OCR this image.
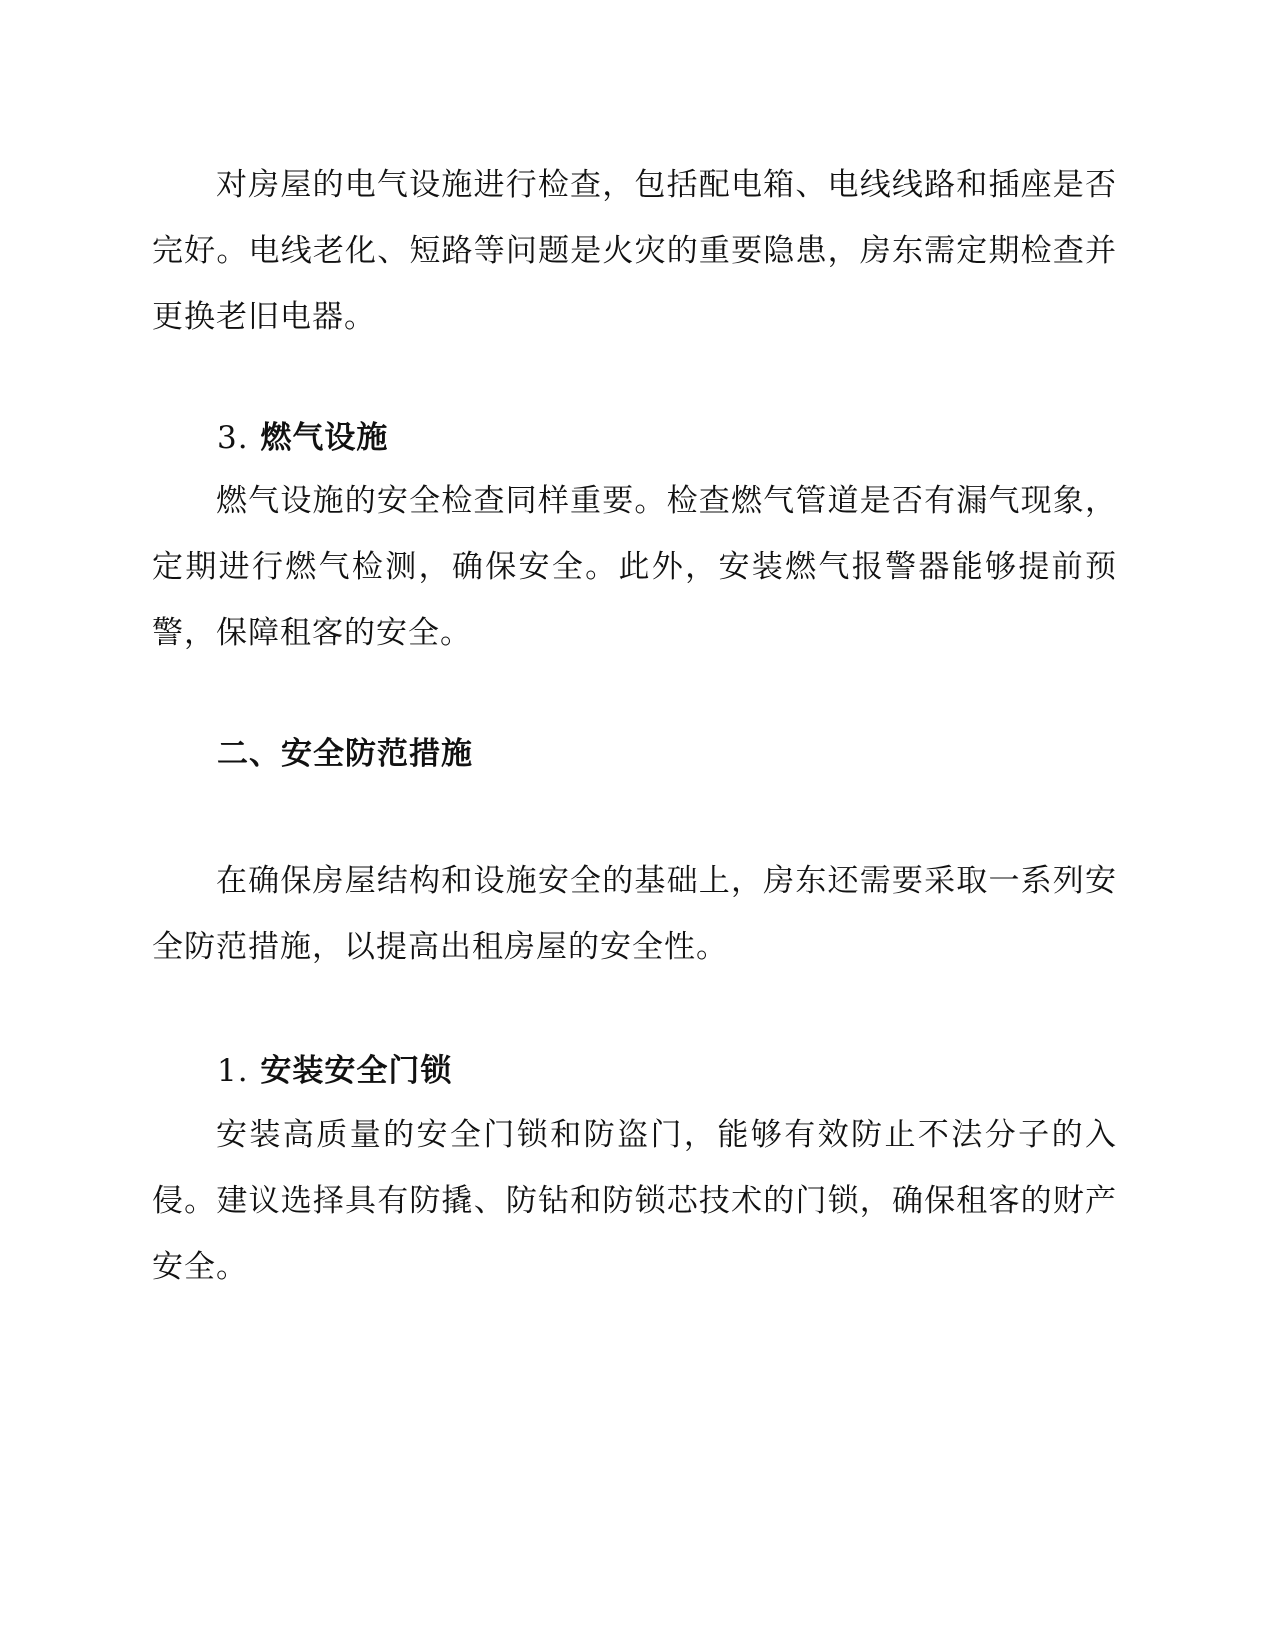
对房屋的电气设施进行检查，包括配电箱、电线线路和插座是否完好。电线老化、短路等问题是火灾的重要隐患，房东需定期检查并更换老旧电器。

3. 燃气设施

燃气设施的安全检查同样重要。检查燃气管道是否有漏气现象，定期进行燃气检测，确保安全。此外，安装燃气报警器能够提前预警，保障租客的安全。

二、安全防范措施

在确保房屋结构和设施安全的基础上，房东还需要采取一系列安全防范措施，以提高出租房屋的安全性。

1. 安装安全门锁

安装高质量的安全门锁和防盗门，能够有效防止不法分子的入侵。建议选择具有防撬、防钻和防锁芯技术的门锁，确保租客的财产安全。
